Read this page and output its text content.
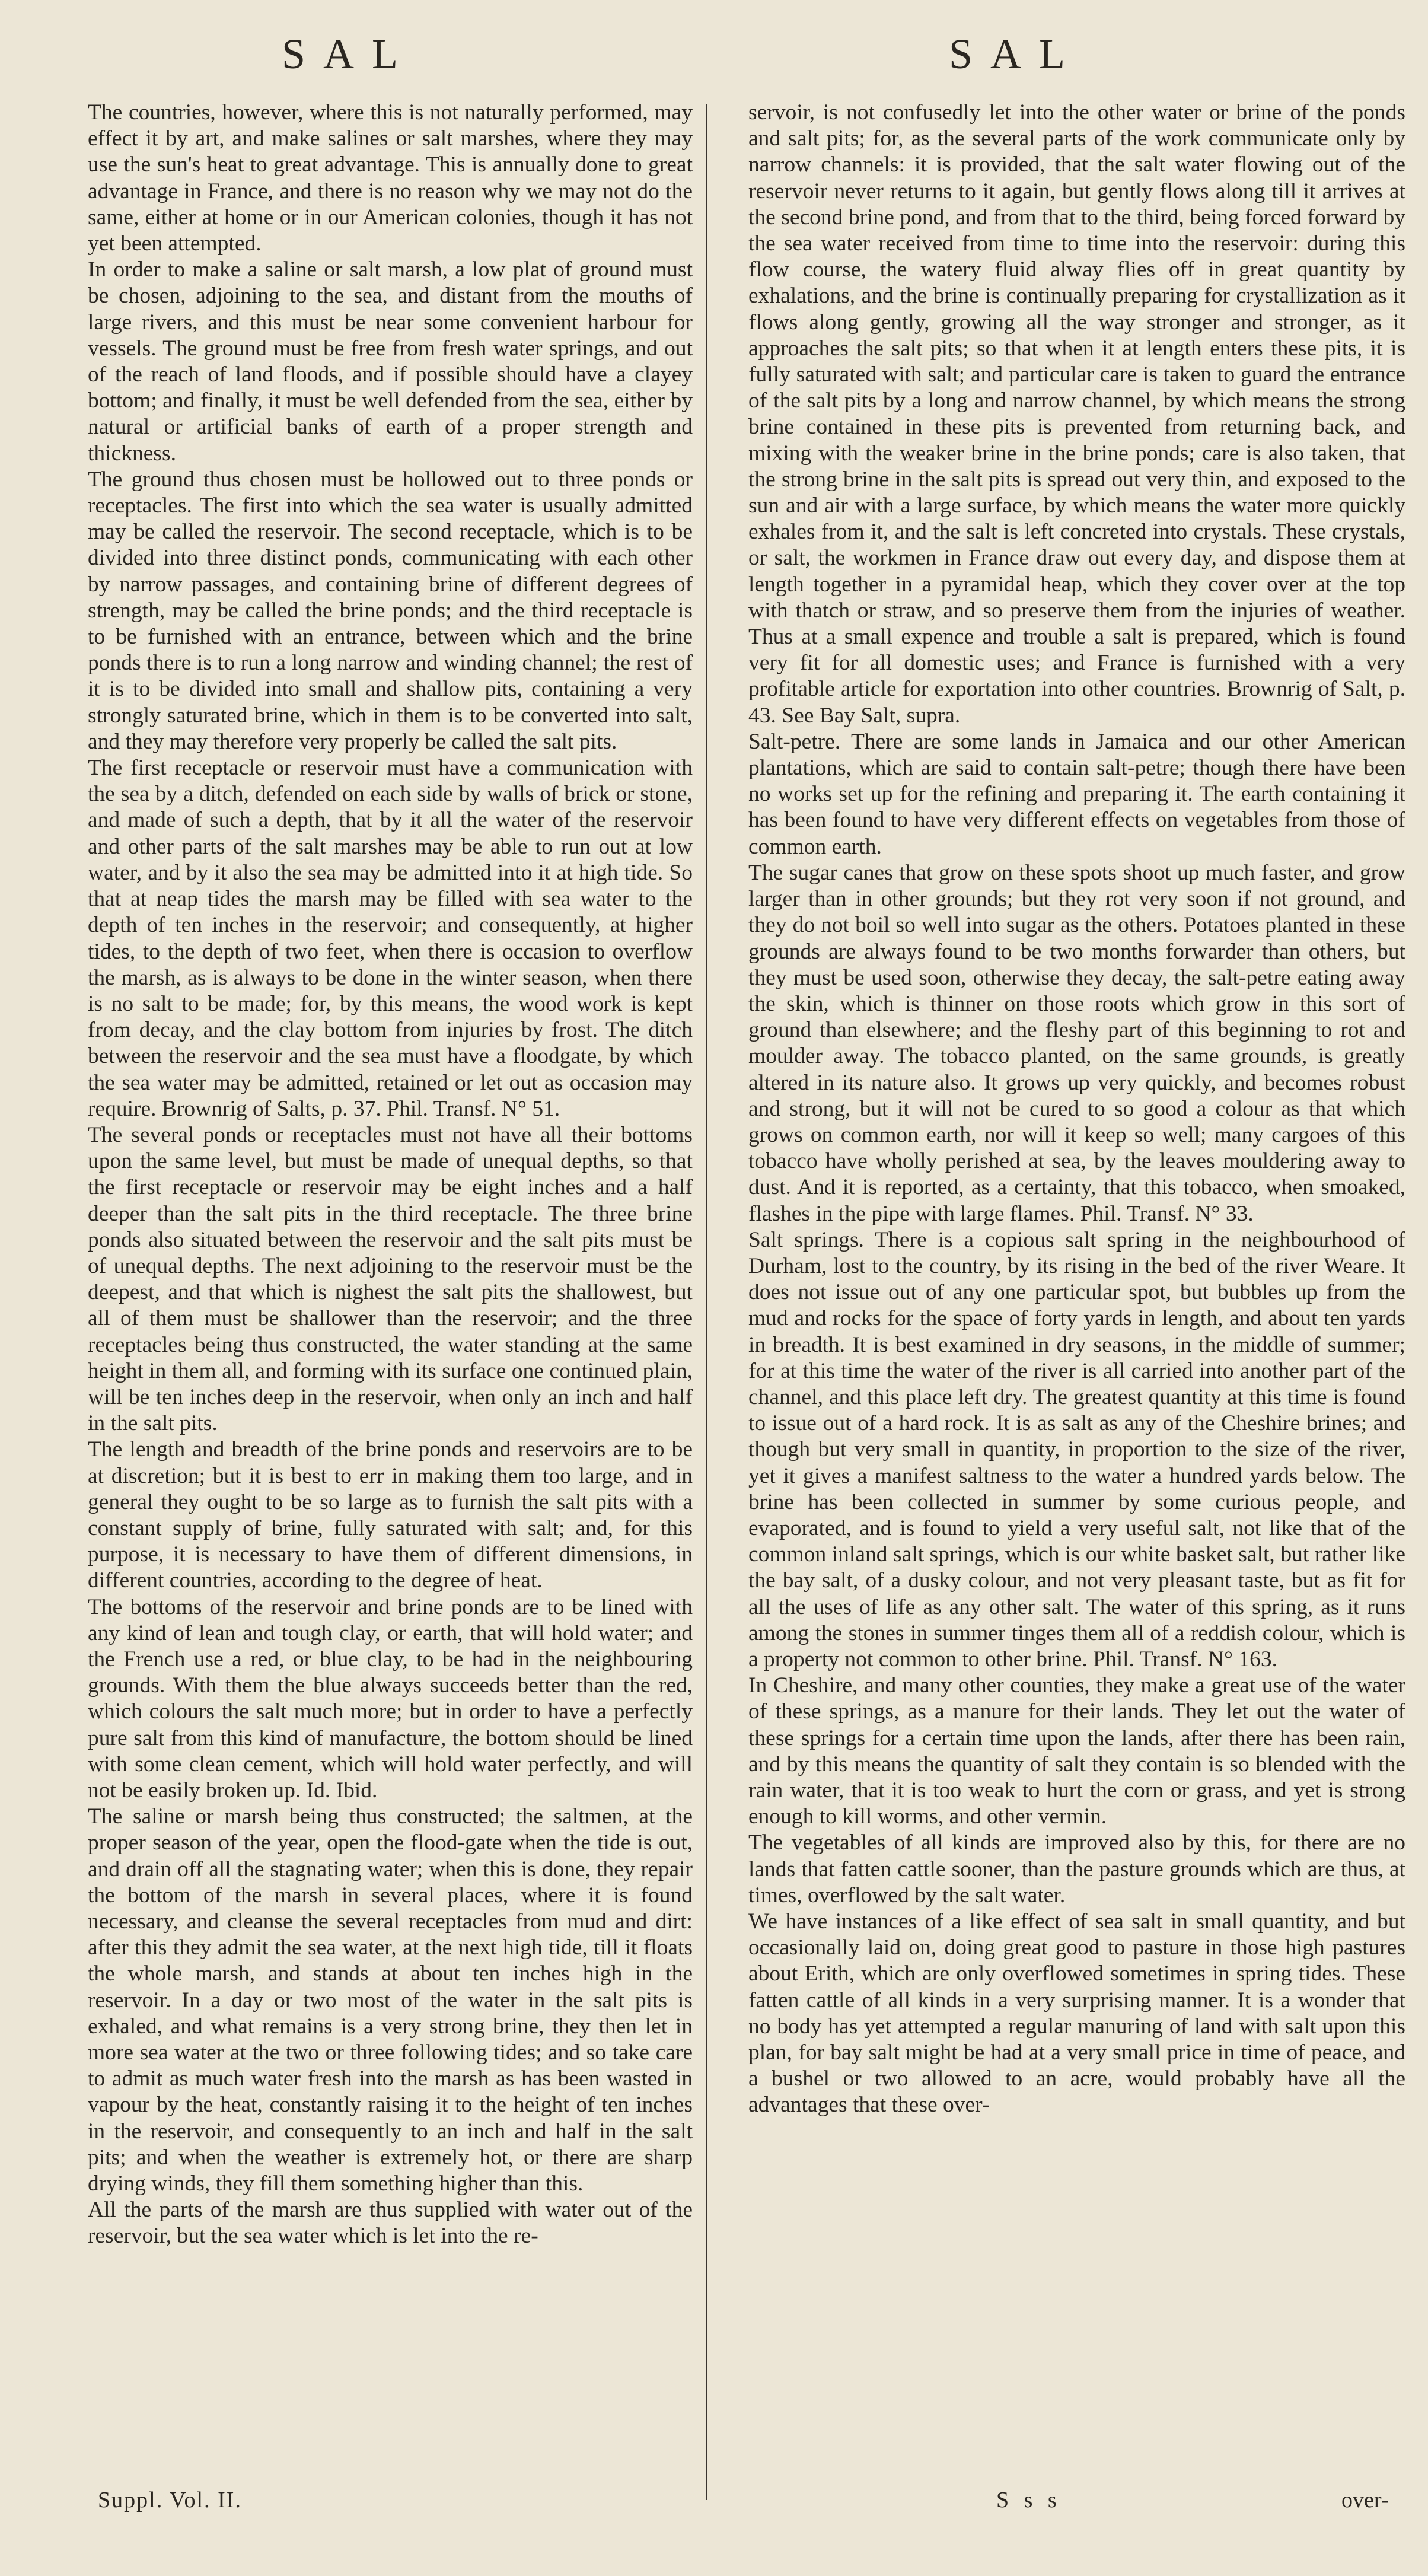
SAL	SAL

The countries, however, where this is not naturally performed, may effect it by art, and make salines or salt marshes, where they may use the sun's heat to great advantage. This is annually done to great advantage in France, and there is no reason why we may not do the same, either at home or in our American colonies, though it has not yet been attempted.

In order to make a saline or salt marsh, a low plat of ground must be chosen, adjoining to the sea, and distant from the mouths of large rivers, and this must be near some convenient harbour for vessels. The ground must be free from fresh water springs, and out of the reach of land floods, and if possible should have a clayey bottom; and finally, it must be well defended from the sea, either by natural or artificial banks of earth of a proper strength and thickness.

The ground thus chosen must be hollowed out to three ponds or receptacles. The first into which the sea water is usually admitted may be called the reservoir. The second receptacle, which is to be divided into three distinct ponds, communicating with each other by narrow passages, and containing brine of different degrees of strength, may be called the brine ponds; and the third receptacle is to be furnished with an entrance, between which and the brine ponds there is to run a long narrow and winding channel; the rest of it is to be divided into small and shallow pits, containing a very strongly saturated brine, which in them is to be converted into salt, and they may therefore very properly be called the salt pits.

The first receptacle or reservoir must have a communication with the sea by a ditch, defended on each side by walls of brick or stone, and made of such a depth, that by it all the water of the reservoir and other parts of the salt marshes may be able to run out at low water, and by it also the sea may be admitted into it at high tide. So that at neap tides the marsh may be filled with sea water to the depth of ten inches in the reservoir; and consequently, at higher tides, to the depth of two feet, when there is occasion to overflow the marsh, as is always to be done in the winter season, when there is no salt to be made; for, by this means, the wood work is kept from decay, and the clay bottom from injuries by frost. The ditch between the reservoir and the sea must have a floodgate, by which the sea water may be admitted, retained or let out as occasion may require. Brownrig of Salts, p. 37. Phil. Transf. N° 51.

The several ponds or receptacles must not have all their bottoms upon the same level, but must be made of unequal depths, so that the first receptacle or reservoir may be eight inches and a half deeper than the salt pits in the third receptacle. The three brine ponds also situated between the reservoir and the salt pits must be of unequal depths. The next adjoining to the reservoir must be the deepest, and that which is nighest the salt pits the shallowest, but all of them must be shallower than the reservoir; and the three receptacles being thus constructed, the water standing at the same height in them all, and forming with its surface one continued plain, will be ten inches deep in the reservoir, when only an inch and half in the salt pits.

The length and breadth of the brine ponds and reservoirs are to be at discretion; but it is best to err in making them too large, and in general they ought to be so large as to furnish the salt pits with a constant supply of brine, fully saturated with salt; and, for this purpose, it is necessary to have them of different dimensions, in different countries, according to the degree of heat.

The bottoms of the reservoir and brine ponds are to be lined with any kind of lean and tough clay, or earth, that will hold water; and the French use a red, or blue clay, to be had in the neighbouring grounds. With them the blue always succeeds better than the red, which colours the salt much more; but in order to have a perfectly pure salt from this kind of manufacture, the bottom should be lined with some clean cement, which will hold water perfectly, and will not be easily broken up. Id. Ibid.

The saline or marsh being thus constructed; the saltmen, at the proper season of the year, open the flood-gate when the tide is out, and drain off all the stagnating water; when this is done, they repair the bottom of the marsh in several places, where it is found necessary, and cleanse the several receptacles from mud and dirt: after this they admit the sea water, at the next high tide, till it floats the whole marsh, and stands at about ten inches high in the reservoir. In a day or two most of the water in the salt pits is exhaled, and what remains is a very strong brine, they then let in more sea water at the two or three following tides; and so take care to admit as much water fresh into the marsh as has been wasted in vapour by the heat, constantly raising it to the height of ten inches in the reservoir, and consequently to an inch and half in the salt pits; and when the weather is extremely hot, or there are sharp drying winds, they fill them something higher than this.

All the parts of the marsh are thus supplied with water out of the reservoir, but the sea water which is let into the re-

servoir, is not confusedly let into the other water or brine of the ponds and salt pits; for, as the several parts of the work communicate only by narrow channels: it is provided, that the salt water flowing out of the reservoir never returns to it again, but gently flows along till it arrives at the second brine pond, and from that to the third, being forced forward by the sea water received from time to time into the reservoir: during this flow course, the watery fluid alway flies off in great quantity by exhalations, and the brine is continually preparing for crystallization as it flows along gently, growing all the way stronger and stronger, as it approaches the salt pits; so that when it at length enters these pits, it is fully saturated with salt; and particular care is taken to guard the entrance of the salt pits by a long and narrow channel, by which means the strong brine contained in these pits is prevented from returning back, and mixing with the weaker brine in the brine ponds; care is also taken, that the strong brine in the salt pits is spread out very thin, and exposed to the sun and air with a large surface, by which means the water more quickly exhales from it, and the salt is left concreted into crystals. These crystals, or salt, the workmen in France draw out every day, and dispose them at length together in a pyramidal heap, which they cover over at the top with thatch or straw, and so preserve them from the injuries of weather. Thus at a small expence and trouble a salt is prepared, which is found very fit for all domestic uses; and France is furnished with a very profitable article for exportation into other countries. Brownrig of Salt, p. 43. See Bay Salt, supra.

Salt-petre. There are some lands in Jamaica and our other American plantations, which are said to contain salt-petre; though there have been no works set up for the refining and preparing it. The earth containing it has been found to have very different effects on vegetables from those of common earth.

The sugar canes that grow on these spots shoot up much faster, and grow larger than in other grounds; but they rot very soon if not ground, and they do not boil so well into sugar as the others. Potatoes planted in these grounds are always found to be two months forwarder than others, but they must be used soon, otherwise they decay, the salt-petre eating away the skin, which is thinner on those roots which grow in this sort of ground than elsewhere; and the fleshy part of this beginning to rot and moulder away. The tobacco planted, on the same grounds, is greatly altered in its nature also. It grows up very quickly, and becomes robust and strong, but it will not be cured to so good a colour as that which grows on common earth, nor will it keep so well; many cargoes of this tobacco have wholly perished at sea, by the leaves mouldering away to dust. And it is reported, as a certainty, that this tobacco, when smoaked, flashes in the pipe with large flames. Phil. Transf. N° 33.

Salt springs. There is a copious salt spring in the neighbourhood of Durham, lost to the country, by its rising in the bed of the river Weare. It does not issue out of any one particular spot, but bubbles up from the mud and rocks for the space of forty yards in length, and about ten yards in breadth. It is best examined in dry seasons, in the middle of summer; for at this time the water of the river is all carried into another part of the channel, and this place left dry. The greatest quantity at this time is found to issue out of a hard rock. It is as salt as any of the Cheshire brines; and though but very small in quantity, in proportion to the size of the river, yet it gives a manifest saltness to the water a hundred yards below. The brine has been collected in summer by some curious people, and evaporated, and is found to yield a very useful salt, not like that of the common inland salt springs, which is our white basket salt, but rather like the bay salt, of a dusky colour, and not very pleasant taste, but as fit for all the uses of life as any other salt. The water of this spring, as it runs among the stones in summer tinges them all of a reddish colour, which is a property not common to other brine. Phil. Transf. N° 163.

In Cheshire, and many other counties, they make a great use of the water of these springs, as a manure for their lands. They let out the water of these springs for a certain time upon the lands, after there has been rain, and by this means the quantity of salt they contain is so blended with the rain water, that it is too weak to hurt the corn or grass, and yet is strong enough to kill worms, and other vermin.

The vegetables of all kinds are improved also by this, for there are no lands that fatten cattle sooner, than the pasture grounds which are thus, at times, overflowed by the salt water.

We have instances of a like effect of sea salt in small quantity, and but occasionally laid on, doing great good to pasture in those high pastures about Erith, which are only overflowed sometimes in spring tides. These fatten cattle of all kinds in a very surprising manner. It is a wonder that no body has yet attempted a regular manuring of land with salt upon this plan, for bay salt might be had at a very small price in time of peace, and a bushel or two allowed to an acre, would probably have all the advantages that these over-

Suppl. Vol. II.	S s s	over-
